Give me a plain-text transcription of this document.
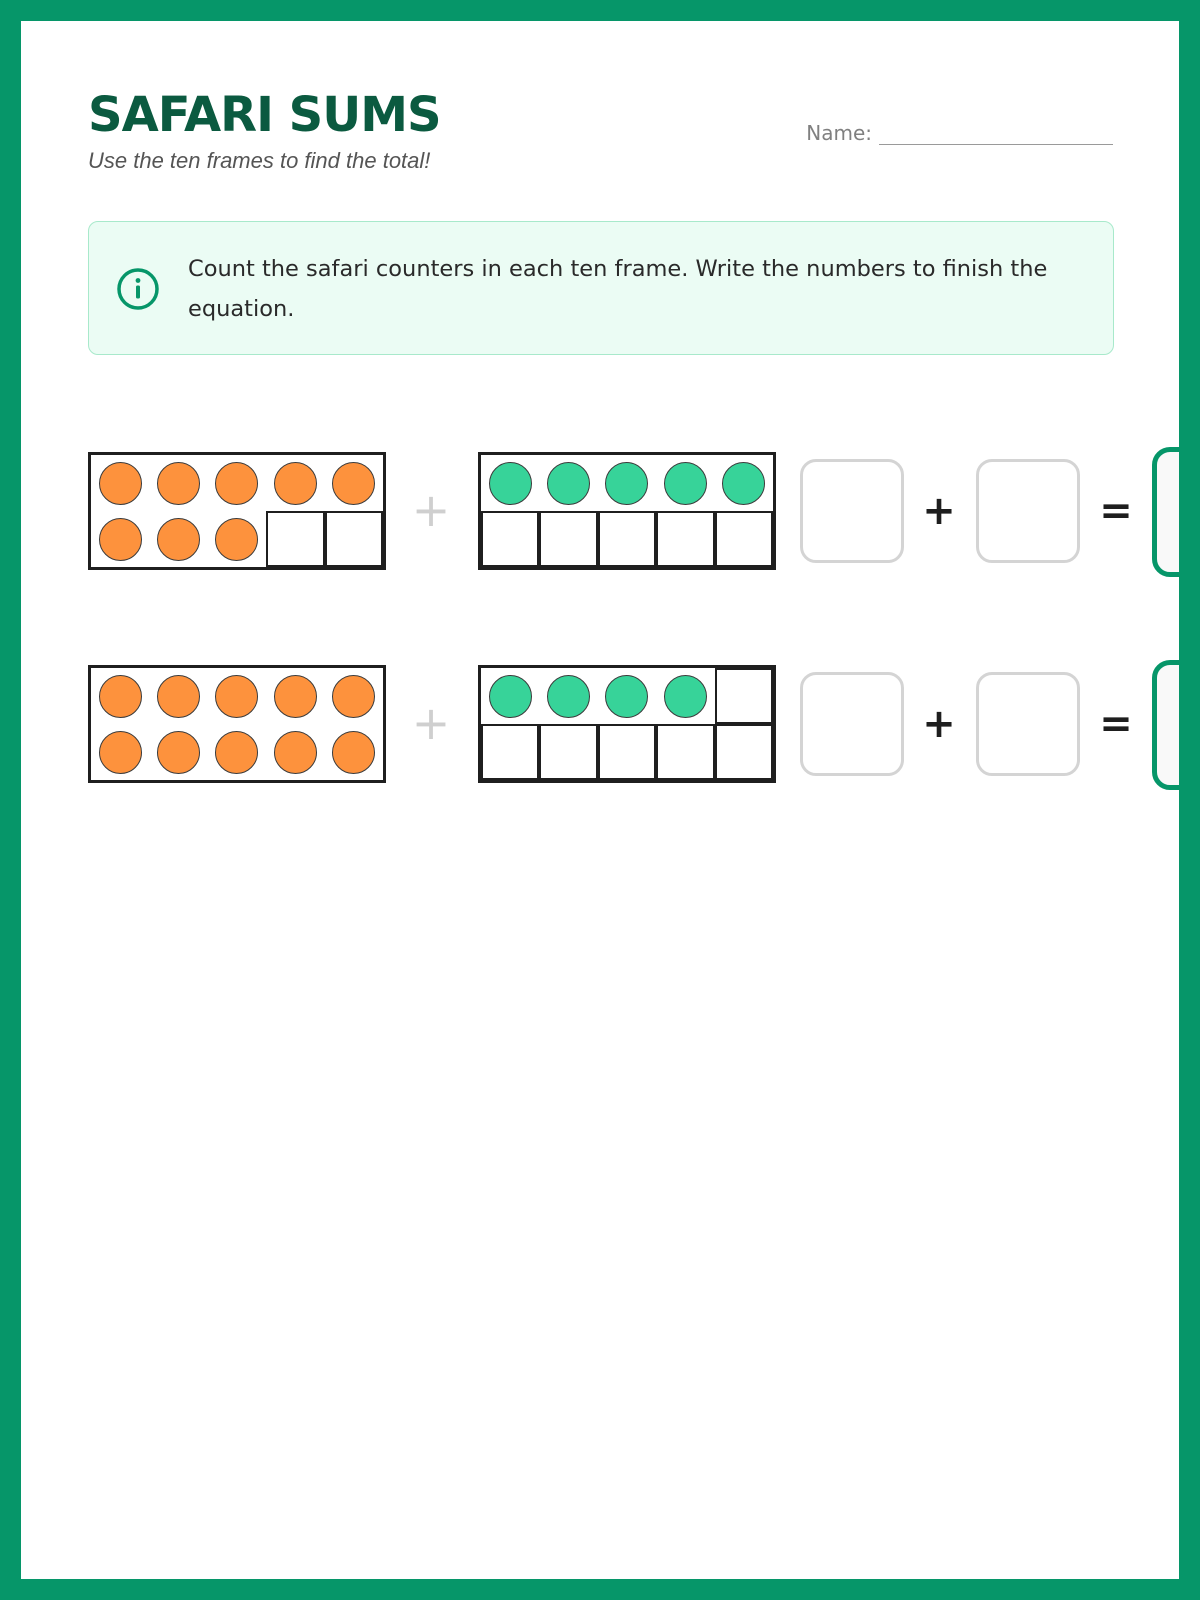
SAFARI SUMS
Use the ten frames to find the total!
Name:
Count the safari counters in each ten frame. Write the numbers to finish the equation.
+	+	=
+	+	=
